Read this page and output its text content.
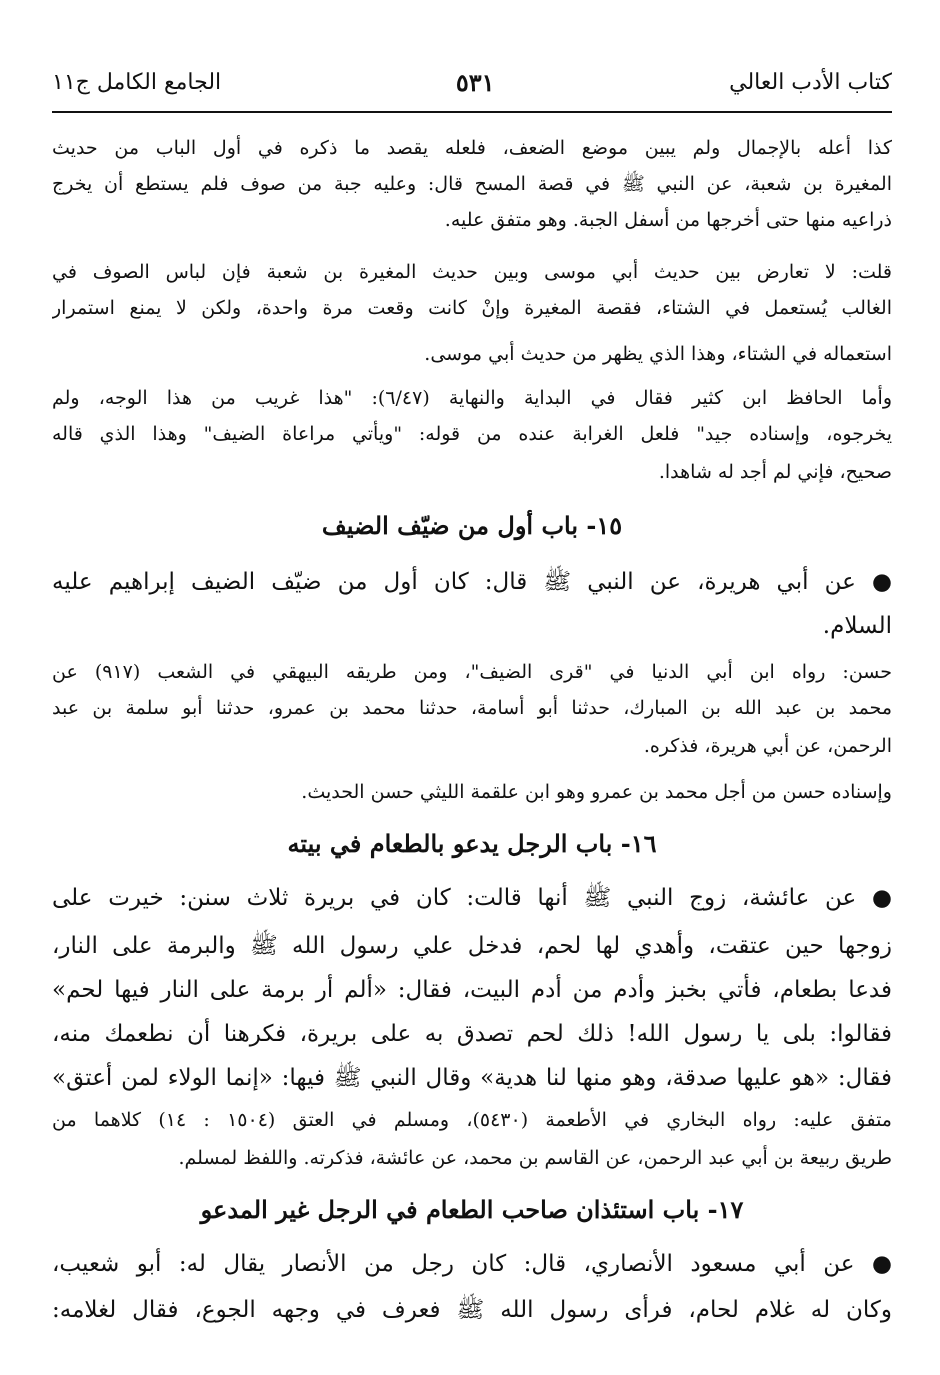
الجامع الكامل ج١١	٥٣١	كتاب الأدب العالي
كذا أعله بالإجمال ولم يبين موضع الضعف، فلعله يقصد ما ذكره في أول الباب من حديث
المغيرة بن شعبة، عن النبي ﷺ في قصة المسح قال: وعليه جبة من صوف فلم يستطع أن يخرج
ذراعيه منها حتى أخرجها من أسفل الجبة. وهو متفق عليه.
قلت: لا تعارض بين حديث أبي موسى وبين حديث المغيرة بن شعبة فإن لباس الصوف في
الغالب يُستعمل في الشتاء، فقصة المغيرة وإنْ كانت وقعت مرة واحدة، ولكن لا يمنع استمرار
استعماله في الشتاء، وهذا الذي يظهر من حديث أبي موسى.
وأما الحافظ ابن كثير فقال في البداية والنهاية (٦/٤٧): "هذا غريب من هذا الوجه، ولم
يخرجوه، وإسناده جيد" فلعل الغرابة عنده من قوله: "ويأتي مراعاة الضيف" وهذا الذي قاله
صحيح، فإني لم أجد له شاهدا.
١٥- باب أول من ضيّف الضيف
● عن أبي هريرة، عن النبي ﷺ قال: كان أول من ضيّف الضيف إبراهيم عليه
السلام.
حسن: رواه ابن أبي الدنيا في "قرى الضيف"، ومن طريقه البيهقي في الشعب (٩١٧) عن
محمد بن عبد الله بن المبارك، حدثنا أبو أسامة، حدثنا محمد بن عمرو، حدثنا أبو سلمة بن عبد
الرحمن، عن أبي هريرة، فذكره.
وإسناده حسن من أجل محمد بن عمرو وهو ابن علقمة الليثي حسن الحديث.
١٦- باب الرجل يدعو بالطعام في بيته
● عن عائشة، زوج النبي ﷺ أنها قالت: كان في بريرة ثلاث سنن: خيرت على
زوجها حين عتقت، وأهدي لها لحم، فدخل علي رسول الله ﷺ والبرمة على النار،
فدعا بطعام، فأتي بخبز وأدم من أدم البيت، فقال: «ألم أر برمة على النار فيها لحم»
فقالوا: بلى يا رسول الله! ذلك لحم تصدق به على بريرة، فكرهنا أن نطعمك منه،
فقال: «هو عليها صدقة، وهو منها لنا هدية» وقال النبي ﷺ فيها: «إنما الولاء لمن أعتق»
متفق عليه: رواه البخاري في الأطعمة (٥٤٣٠)، ومسلم في العتق (١٥٠٤ : ١٤) كلاهما من
طريق ربيعة بن أبي عبد الرحمن، عن القاسم بن محمد، عن عائشة، فذكرته. واللفظ لمسلم.
١٧- باب استئذان صاحب الطعام في الرجل غير المدعو
● عن أبي مسعود الأنصاري، قال: كان رجل من الأنصار يقال له: أبو شعيب،
وكان له غلام لحام، فرأى رسول الله ﷺ فعرف في وجهه الجوع، فقال لغلامه:
